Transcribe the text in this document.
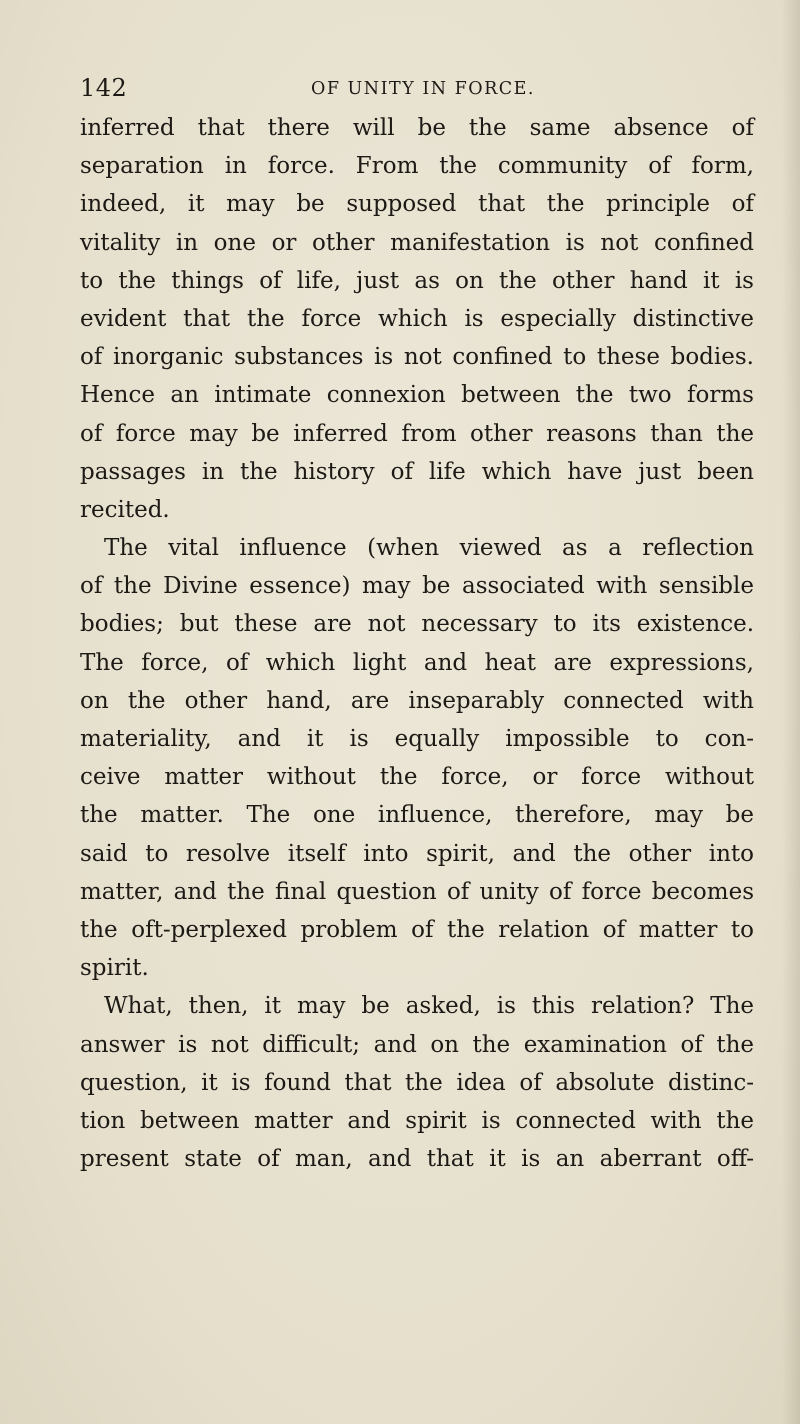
142	OF UNITY IN FORCE.
inferred that there will be the same absence of
separation in force. From the community of form,
indeed, it may be supposed that the principle of
vitality in one or other manifestation is not confined
to the things of life, just as on the other hand it is
evident that the force which is especially distinctive
of inorganic substances is not confined to these bodies.
Hence an intimate connexion between the two forms
of force may be inferred from other reasons than the
passages in the history of life which have just been
recited.
The vital influence (when viewed as a reflection
of the Divine essence) may be associated with sensible
bodies; but these are not necessary to its existence.
The force, of which light and heat are expressions,
on the other hand, are inseparably connected with
materiality, and it is equally impossible to con-
ceive matter without the force, or force without
the matter. The one influence, therefore, may be
said to resolve itself into spirit, and the other into
matter, and the final question of unity of force becomes
the oft-perplexed problem of the relation of matter to
spirit.
What, then, it may be asked, is this relation? The
answer is not difficult; and on the examination of the
question, it is found that the idea of absolute distinc-
tion between matter and spirit is connected with the
present state of man, and that it is an aberrant off-
